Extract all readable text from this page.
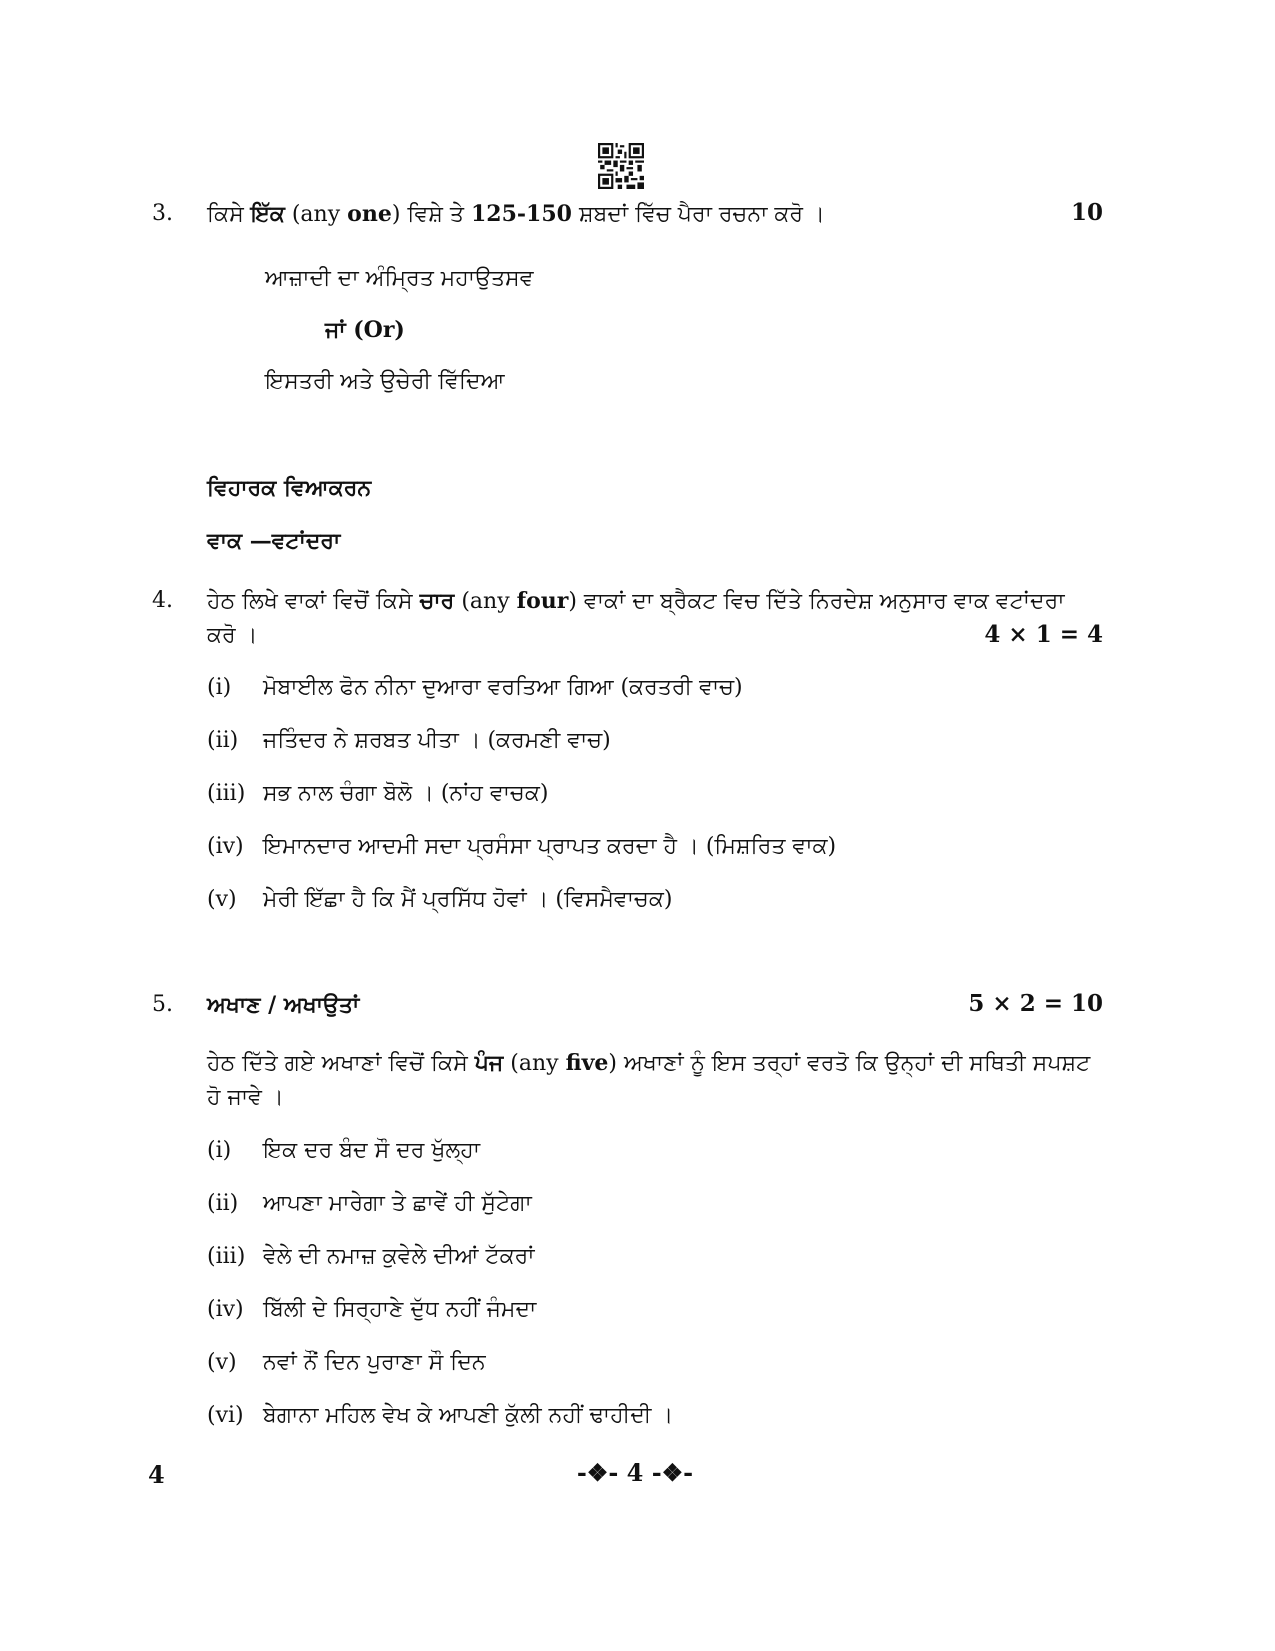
3.	ਕਿਸੇ ਇੱਕ (any one) ਵਿਸ਼ੇ ਤੇ 125-150 ਸ਼ਬਦਾਂ ਵਿੱਚ ਪੈਰਾ ਰਚਨਾ ਕਰੋ ।	10
ਆਜ਼ਾਦੀ ਦਾ ਅੰਮ੍ਰਿਤ ਮਹਾਉਤਸਵ
ਜਾਂ (Or)
ਇਸਤਰੀ ਅਤੇ ਉਚੇਰੀ ਵਿੱਦਿਆ
ਵਿਹਾਰਕ ਵਿਆਕਰਨ
ਵਾਕ —ਵਟਾਂਦਰਾ
4.	ਹੇਠ ਲਿਖੇ ਵਾਕਾਂ ਵਿਚੋਂ ਕਿਸੇ ਚਾਰ (any four) ਵਾਕਾਂ ਦਾ ਬ੍ਰੈਕਟ ਵਿਚ ਦਿੱਤੇ ਨਿਰਦੇਸ਼ ਅਨੁਸਾਰ ਵਾਕ ਵਟਾਂਦਰਾ
ਕਰੋ ।	4 × 1 = 4
(i)	ਮੋਬਾਈਲ ਫੋਨ ਨੀਨਾ ਦੁਆਰਾ ਵਰਤਿਆ ਗਿਆ (ਕਰਤਰੀ ਵਾਚ)
(ii)	ਜਤਿੰਦਰ ਨੇ ਸ਼ਰਬਤ ਪੀਤਾ । (ਕਰਮਣੀ ਵਾਚ)
(iii) ਸਭ ਨਾਲ ਚੰਗਾ ਬੋਲੋ । (ਨਾਂਹ ਵਾਚਕ)
(iv) ਇਮਾਨਦਾਰ ਆਦਮੀ ਸਦਾ ਪ੍ਰਸੰਸਾ ਪ੍ਰਾਪਤ ਕਰਦਾ ਹੈ । (ਮਿਸ਼ਰਿਤ ਵਾਕ)
(v)	ਮੇਰੀ ਇੱਛਾ ਹੈ ਕਿ ਮੈਂ ਪ੍ਰਸਿੱਧ ਹੋਵਾਂ । (ਵਿਸਮੈਵਾਚਕ)
5.	ਅਖਾਣ / ਅਖਾਉਤਾਂ	5 × 2 = 10
ਹੇਠ ਦਿੱਤੇ ਗਏ ਅਖਾਣਾਂ ਵਿਚੋਂ ਕਿਸੇ ਪੰਜ (any five) ਅਖਾਣਾਂ ਨੂੰ ਇਸ ਤਰ੍ਹਾਂ ਵਰਤੋ ਕਿ ਉਨ੍ਹਾਂ ਦੀ ਸਥਿਤੀ ਸਪਸ਼ਟ
ਹੋ ਜਾਵੇ ।
(i)	ਇਕ ਦਰ ਬੰਦ ਸੌ ਦਰ ਖੁੱਲ੍ਹਾ
(ii)	ਆਪਣਾ ਮਾਰੇਗਾ ਤੇ ਛਾਵੇਂ ਹੀ ਸੁੱਟੇਗਾ
(iii) ਵੇਲੇ ਦੀ ਨਮਾਜ਼ ਕੁਵੇਲੇ ਦੀਆਂ ਟੱਕਰਾਂ
(iv) ਬਿੱਲੀ ਦੇ ਸਿਰ੍ਹਾਣੇ ਦੁੱਧ ਨਹੀਂ ਜੰਮਦਾ
(v)	ਨਵਾਂ ਨੌਂ ਦਿਨ ਪੁਰਾਣਾ ਸੌ ਦਿਨ
(vi) ਬੇਗਾਨਾ ਮਹਿਲ ਵੇਖ ਕੇ ਆਪਣੀ ਕੁੱਲੀ ਨਹੀਂ ਢਾਹੀਦੀ ।
4	-❖- 4 -❖-
